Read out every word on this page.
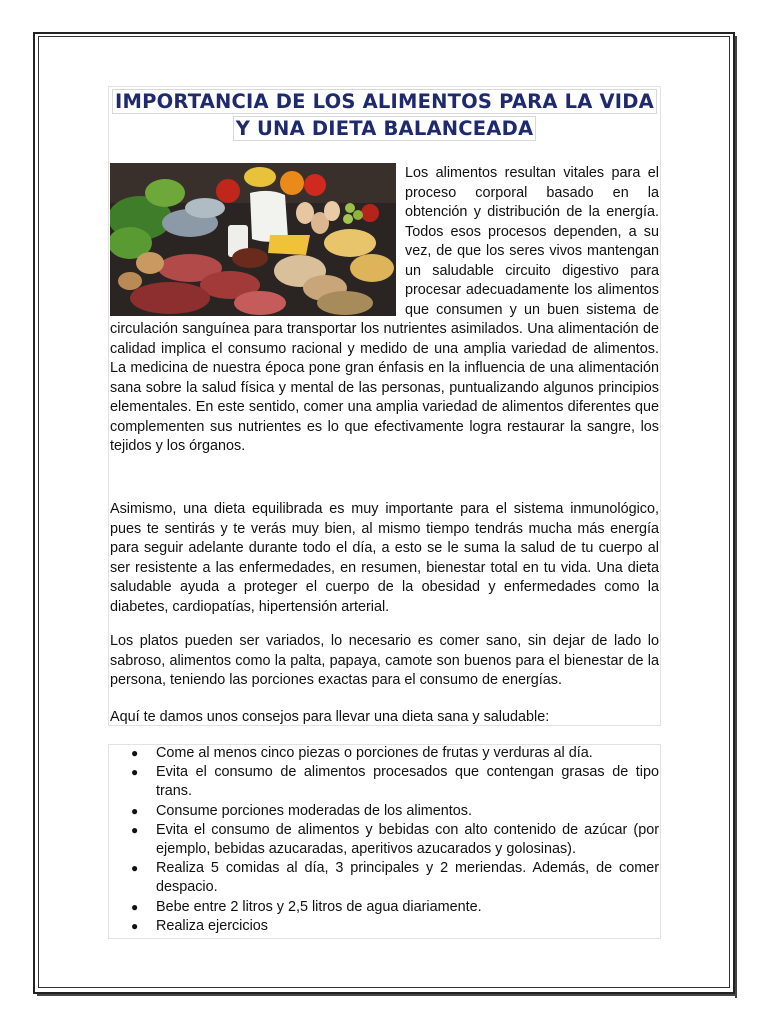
IMPORTANCIA DE LOS ALIMENTOS PARA LA VIDA
Y UNA DIETA BALANCEADA

Los alimentos resultan vitales para el proceso corporal basado en la obtención y distribución de la energía. Todos esos procesos dependen, a su vez, de que los seres vivos mantengan un saludable circuito digestivo para procesar adecuadamente los alimentos que consumen y un buen sistema de circulación sanguínea para transportar los nutrientes asimilados. Una alimentación de calidad implica el consumo racional y medido de una amplia variedad de alimentos. La medicina de nuestra época pone gran énfasis en la influencia de una alimentación sana sobre la salud física y mental de las personas, puntualizando algunos principios elementales. En este sentido, comer una amplia variedad de alimentos diferentes que complementen sus nutrientes es lo que efectivamente logra restaurar la sangre, los tejidos y los órganos.

Asimismo, una dieta equilibrada es muy importante para el sistema inmunológico, pues te sentirás y te verás muy bien, al mismo tiempo tendrás mucha más energía para seguir adelante durante todo el día, a esto se le suma la salud de tu cuerpo al ser resistente a las enfermedades, en resumen, bienestar total en tu vida. Una dieta saludable ayuda a proteger el cuerpo de la obesidad y enfermedades como la diabetes, cardiopatías, hipertensión arterial.

Los platos pueden ser variados, lo necesario es comer sano, sin dejar de lado lo sabroso, alimentos como la palta, papaya, camote son buenos para el bienestar de la persona, teniendo las porciones exactas para el consumo de energías.

Aquí te damos unos consejos para llevar una dieta sana y saludable:

● Come al menos cinco piezas o porciones de frutas y verduras al día.
● Evita el consumo de alimentos procesados que contengan grasas de tipo trans.
● Consume porciones moderadas de los alimentos.
● Evita el consumo de alimentos y bebidas con alto contenido de azúcar (por ejemplo, bebidas azucaradas, aperitivos azucarados y golosinas).
● Realiza 5 comidas al día, 3 principales y 2 meriendas. Además, de comer despacio.
● Bebe entre 2 litros y 2,5 litros de agua diariamente.
● Realiza ejercicios
